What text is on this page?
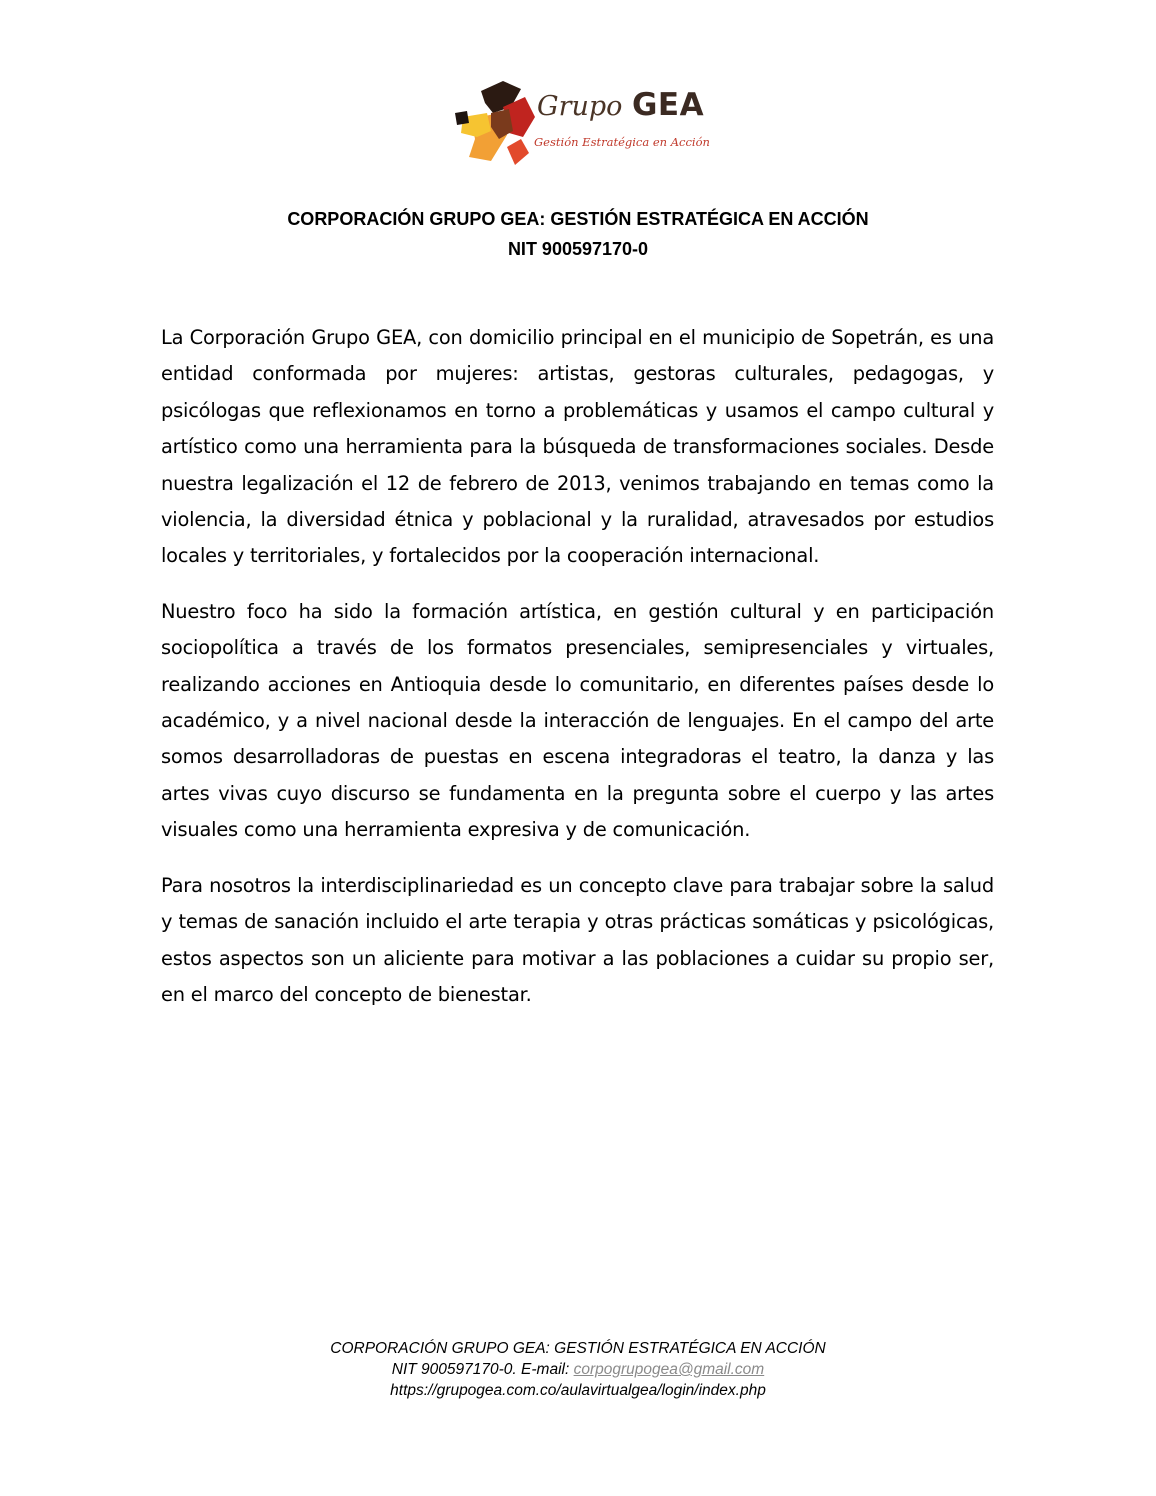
Grupo GEA
Gestión Estratégica en Acción
CORPORACIÓN GRUPO GEA: GESTIÓN ESTRATÉGICA EN ACCIÓN
NIT 900597170-0

La Corporación Grupo GEA, con domicilio principal en el municipio de Sopetrán, es una entidad conformada por mujeres: artistas, gestoras culturales, pedagogas, y psicólogas que reflexionamos en torno a problemáticas y usamos el campo cultural y artístico como una herramienta para la búsqueda de transformaciones sociales. Desde nuestra legalización el 12 de febrero de 2013, venimos trabajando en temas como la violencia, la diversidad étnica y poblacional y la ruralidad, atravesados por estudios locales y territoriales, y fortalecidos por la cooperación internacional.

Nuestro foco ha sido la formación artística, en gestión cultural y en participación sociopolítica a través de los formatos presenciales, semipresenciales y virtuales, realizando acciones en Antioquia desde lo comunitario, en diferentes países desde lo académico, y a nivel nacional desde la interacción de lenguajes. En el campo del arte somos desarrolladoras de puestas en escena integradoras el teatro, la danza y las artes vivas cuyo discurso se fundamenta en la pregunta sobre el cuerpo y las artes visuales como una herramienta expresiva y de comunicación.

Para nosotros la interdisciplinariedad es un concepto clave para trabajar sobre la salud y temas de sanación incluido el arte terapia y otras prácticas somáticas y psicológicas, estos aspectos son un aliciente para motivar a las poblaciones a cuidar su propio ser, en el marco del concepto de bienestar.

CORPORACIÓN GRUPO GEA: GESTIÓN ESTRATÉGICA EN ACCIÓN
NIT 900597170-0. E-mail: corpogrupogea@gmail.com
https://grupogea.com.co/aulavirtualgea/login/index.php
